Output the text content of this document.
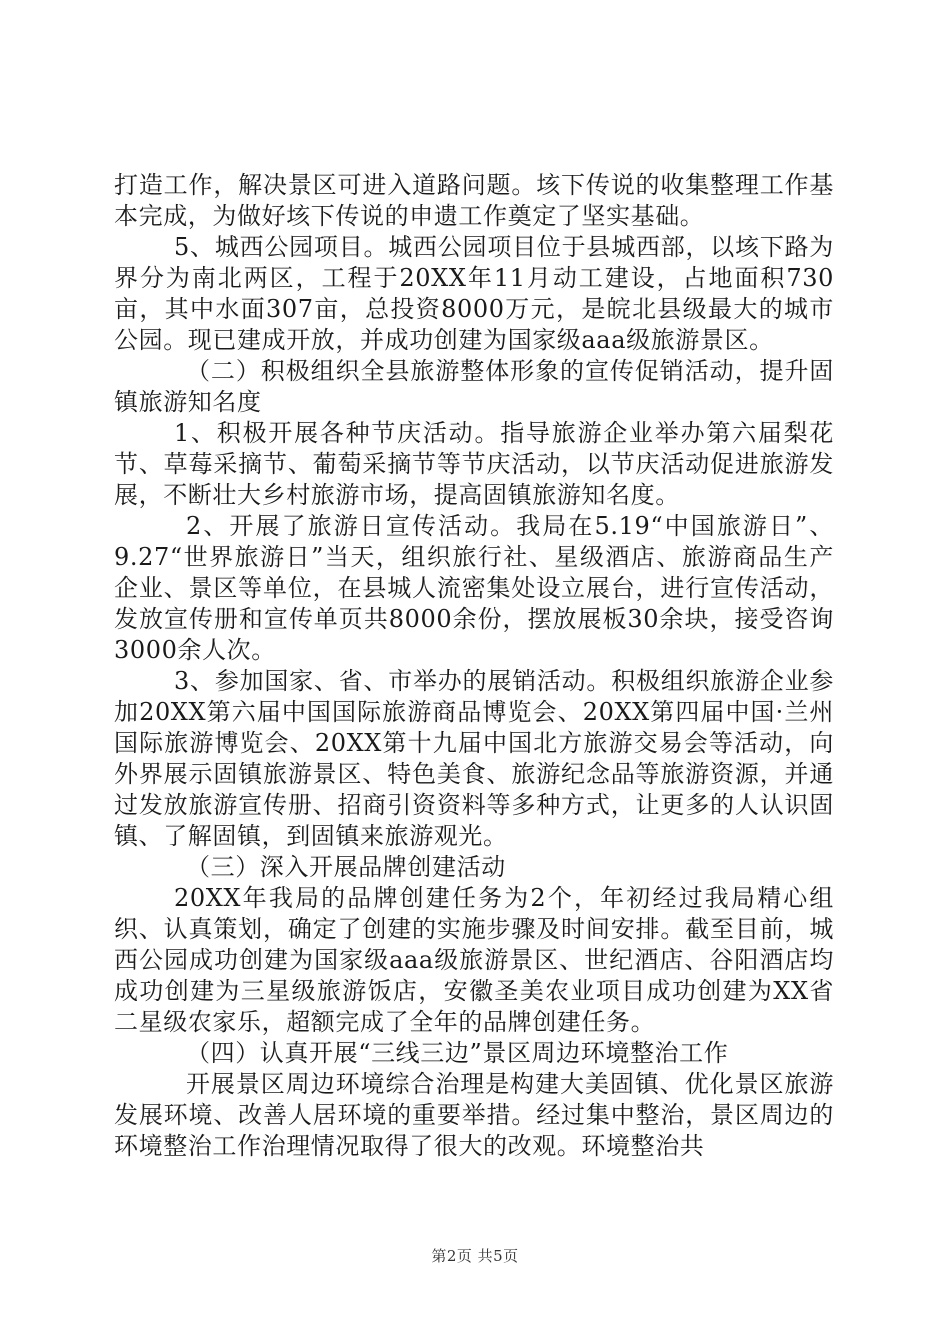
打造工作，解决景区可进入道路问题。垓下传说的收集整理工作基本完成，为做好垓下传说的申遗工作奠定了坚实基础。

5、城西公园项目。城西公园项目位于县城西部，以垓下路为界分为南北两区，工程于20XX年11月动工建设，占地面积730亩，其中水面307亩，总投资8000万元，是皖北县级最大的城市公园。现已建成开放，并成功创建为国家级aaa级旅游景区。

（二）积极组织全县旅游整体形象的宣传促销活动，提升固镇旅游知名度

1、积极开展各种节庆活动。指导旅游企业举办第六届梨花节、草莓采摘节、葡萄采摘节等节庆活动，以节庆活动促进旅游发展，不断壮大乡村旅游市场，提高固镇旅游知名度。

2、开展了旅游日宣传活动。我局在5.19“中国旅游日”、9.27“世界旅游日”当天，组织旅行社、星级酒店、旅游商品生产企业、景区等单位，在县城人流密集处设立展台，进行宣传活动，发放宣传册和宣传单页共8000余份，摆放展板30余块，接受咨询3000余人次。

3、参加国家、省、市举办的展销活动。积极组织旅游企业参加20XX第六届中国国际旅游商品博览会、20XX第四届中国·兰州国际旅游博览会、20XX第十九届中国北方旅游交易会等活动，向外界展示固镇旅游景区、特色美食、旅游纪念品等旅游资源，并通过发放旅游宣传册、招商引资资料等多种方式，让更多的人认识固镇、了解固镇，到固镇来旅游观光。

（三）深入开展品牌创建活动

20XX年我局的品牌创建任务为2个，年初经过我局精心组织、认真策划，确定了创建的实施步骤及时间安排。截至目前，城西公园成功创建为国家级aaa级旅游景区、世纪酒店、谷阳酒店均成功创建为三星级旅游饭店，安徽圣美农业项目成功创建为XX省二星级农家乐，超额完成了全年的品牌创建任务。

（四）认真开展“三线三边”景区周边环境整治工作

开展景区周边环境综合治理是构建大美固镇、优化景区旅游发展环境、改善人居环境的重要举措。经过集中整治，景区周边的环境整治工作治理情况取得了很大的改观。环境整治共

第2页 共5页
